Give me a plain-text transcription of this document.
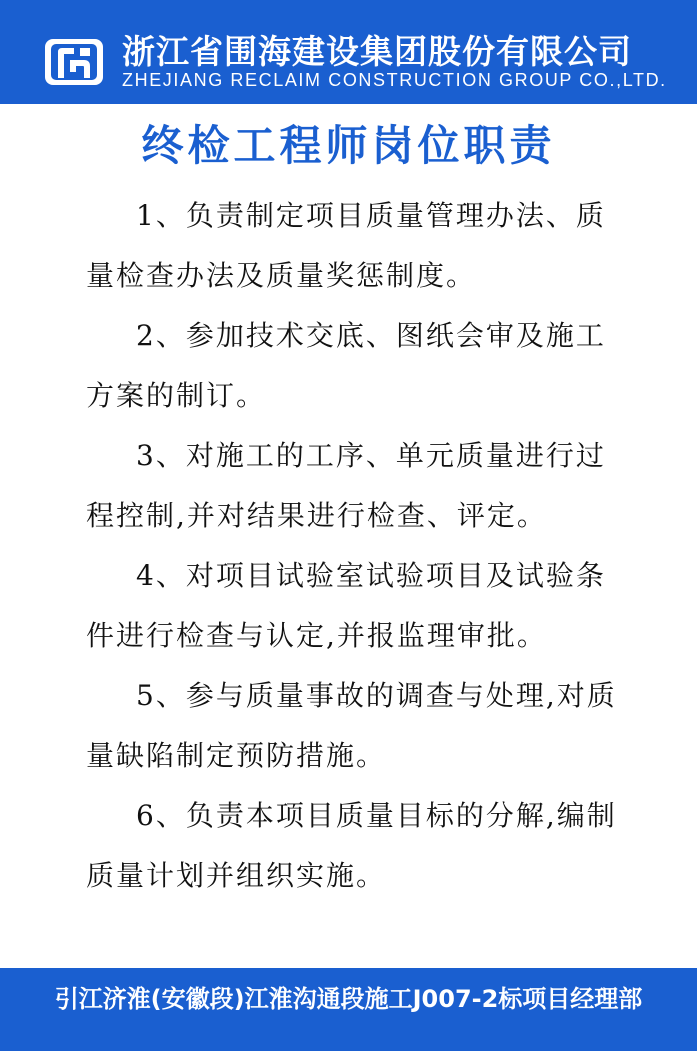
浙江省围海建设集团股份有限公司
ZHEJIANG RECLAIM CONSTRUCTION GROUP CO.,LTD.
终检工程师岗位职责
1、负责制定项目质量管理办法、质量检查办法及质量奖惩制度。
2、参加技术交底、图纸会审及施工方案的制订。
3、对施工的工序、单元质量进行过程控制,并对结果进行检查、评定。
4、对项目试验室试验项目及试验条件进行检查与认定,并报监理审批。
5、参与质量事故的调查与处理,对质量缺陷制定预防措施。
6、负责本项目质量目标的分解,编制质量计划并组织实施。
引江济淮(安徽段)江淮沟通段施工J007-2标项目经理部
